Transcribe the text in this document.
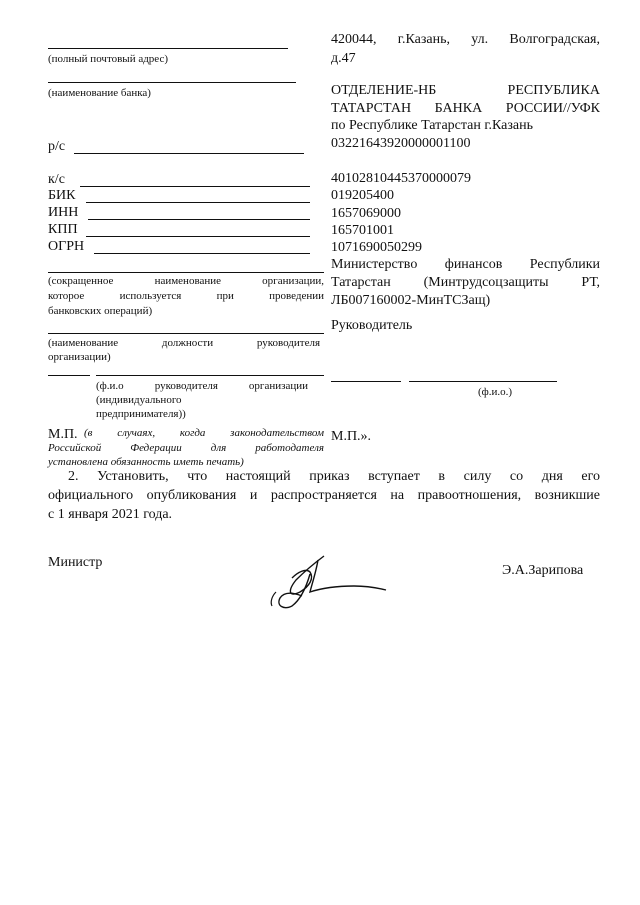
(полный почтовый адрес)
(наименование банка)
р/с
к/с
БИК
ИНН
КПП
ОГРН
(сокращенное наименование организации,
которое используется при проведении
банковских операций)
(наименование должности руководителя
организации)
(ф.и.о руководителя организации
(индивидуального
предпринимателя))
М.П. (в случаях, когда законодательством
Российской Федерации для работодателя
установлена обязанность иметь печать)
420044, г.Казань, ул. Волгоградская,
д.47
ОТДЕЛЕНИЕ-НБ РЕСПУБЛИКА
ТАТАРСТАН БАНКА РОССИИ//УФК
по Республике Татарстан г.Казань
03221643920000001100
40102810445370000079
019205400
1657069000
165701001
1071690050299
Министерство финансов Республики
Татарстан (Минтрудсоцзащиты РТ,
ЛБ007160002-МинТСЗащ)
Руководитель
(ф.и.о.)
М.П.».
2. Установить, что настоящий приказ вступает в силу со дня его
официального опубликования и распространяется на правоотношения, возникшие
с 1 января 2021 года.
Министр
Э.А.Зарипова
